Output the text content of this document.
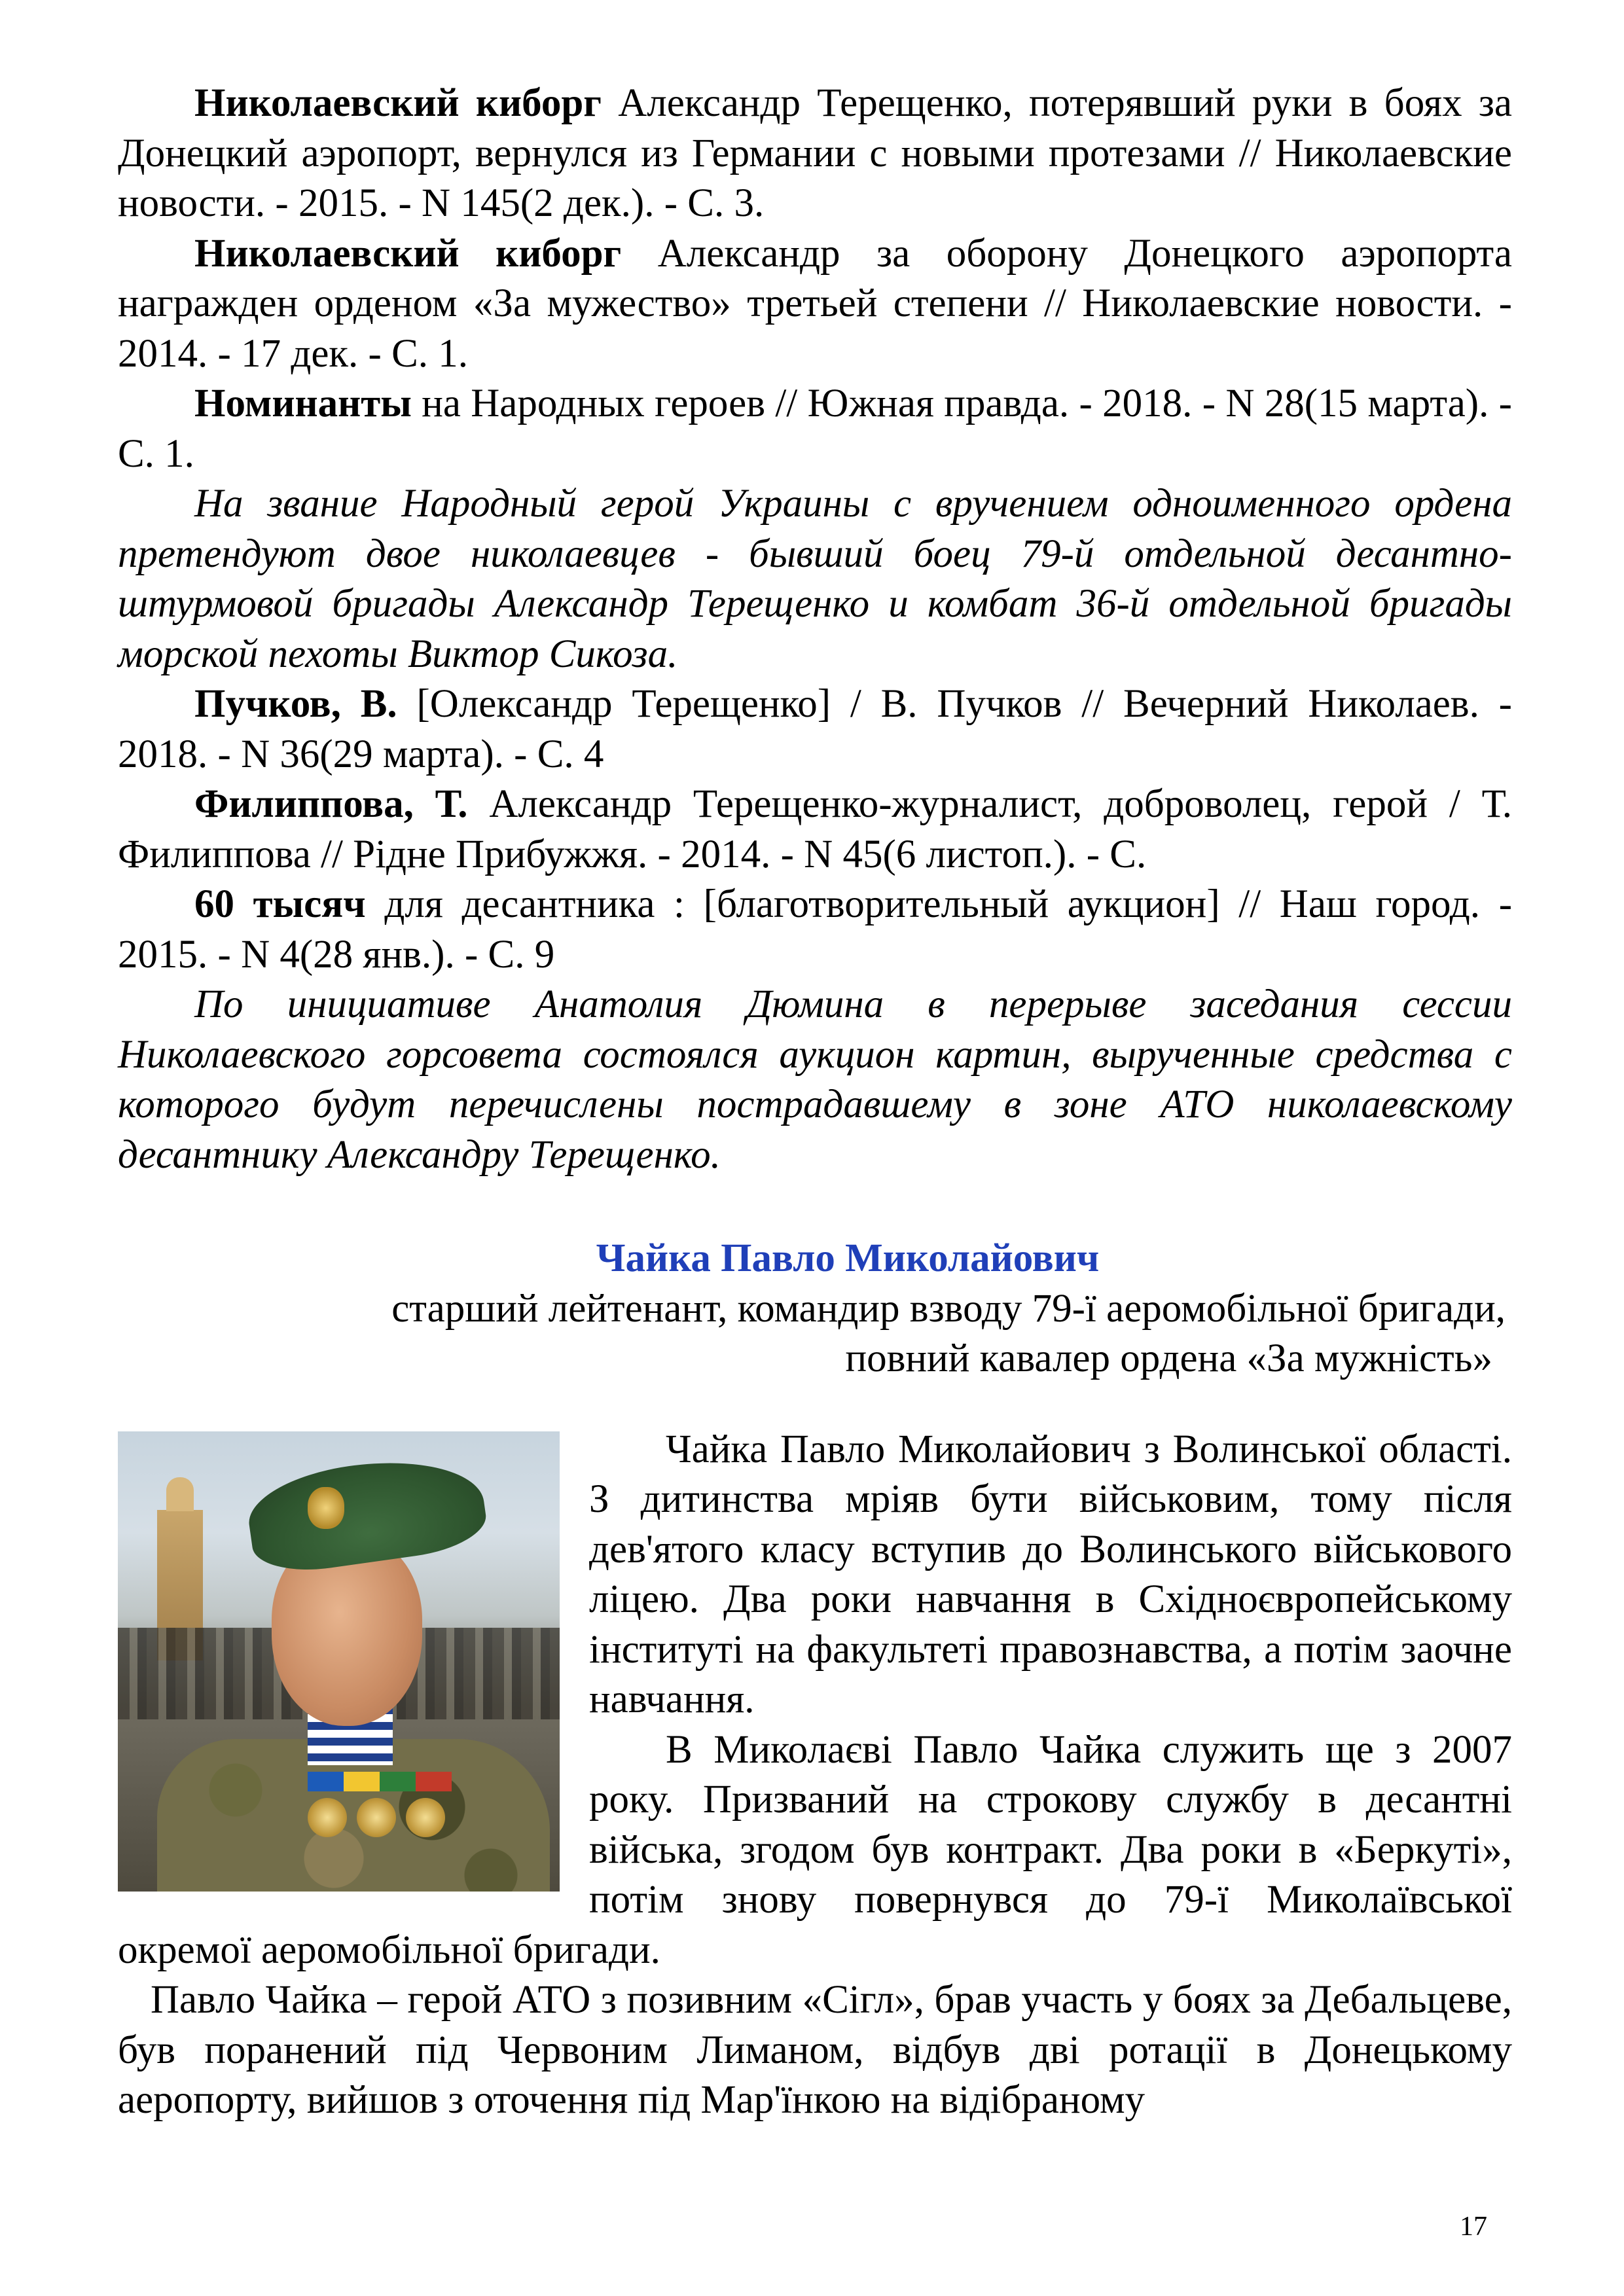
Николаевский киборг Александр Терещенко, потерявший руки в боях за Донецкий аэропорт, вернулся из Германии с новыми протезами // Николаевские новости. - 2015. - N 145(2 дек.). - С. 3.

Николаевский киборг Александр за оборону Донецкого аэропорта награжден орденом «За мужество» третьей степени // Николаевские новости. - 2014. - 17 дек. - С. 1.

Номинанты на Народных героев // Южная правда. - 2018. - N 28(15 марта). - С. 1.

На звание Народный герой Украины с вручением одноименного ордена претендуют двое николаевцев - бывший боец 79-й отдельной десантно-штурмовой бригады Александр Терещенко и комбат 36-й отдельной бригады морской пехоты Виктор Сикоза.

Пучков, В. [Олександр Терещенко] / В. Пучков // Вечерний Николаев. - 2018. - N 36(29 марта). - С. 4

Филиппова, Т. Александр Терещенко-журналист, доброволец, герой / Т. Филиппова // Рідне Прибужжя. - 2014. - N 45(6 листоп.). - С.

60 тысяч для десантника : [благотворительный аукцион] // Наш город. - 2015. - N 4(28 янв.). - С. 9

По инициативе Анатолия Дюмина в перерыве заседания сессии Николаевского горсовета состоялся аукцион картин, вырученные средства с которого будут перечислены пострадавшему в зоне АТО николаевскому десантнику Александру Терещенко.

Чайка Павло Миколайович

старший лейтенант, командир взводу 79-ї аеромобільної бригади,

повний кавалер ордена «За мужність»

Чайка Павло Миколайович з Волинської області. З дитинства мріяв бути військовим, тому після дев'ятого класу вступив до Волинського військового ліцею. Два роки навчання в Східноєвропейському інституті на факультеті правознавства, а потім заочне навчання.

В Миколаєві Павло Чайка служить ще з 2007 року. Призваний на строкову службу в десантні війська, згодом був контракт. Два роки в «Беркуті», потім знову повернувся до 79-ї Миколаївської окремої аеромобільної бригади.

Павло Чайка – герой АТО з позивним «Сігл», брав участь у боях за Дебальцеве, був поранений під Червоним Лиманом, відбув дві ротації в Донецькому аеропорту, вийшов з оточення під Мар'їнкою на відібраному

17
